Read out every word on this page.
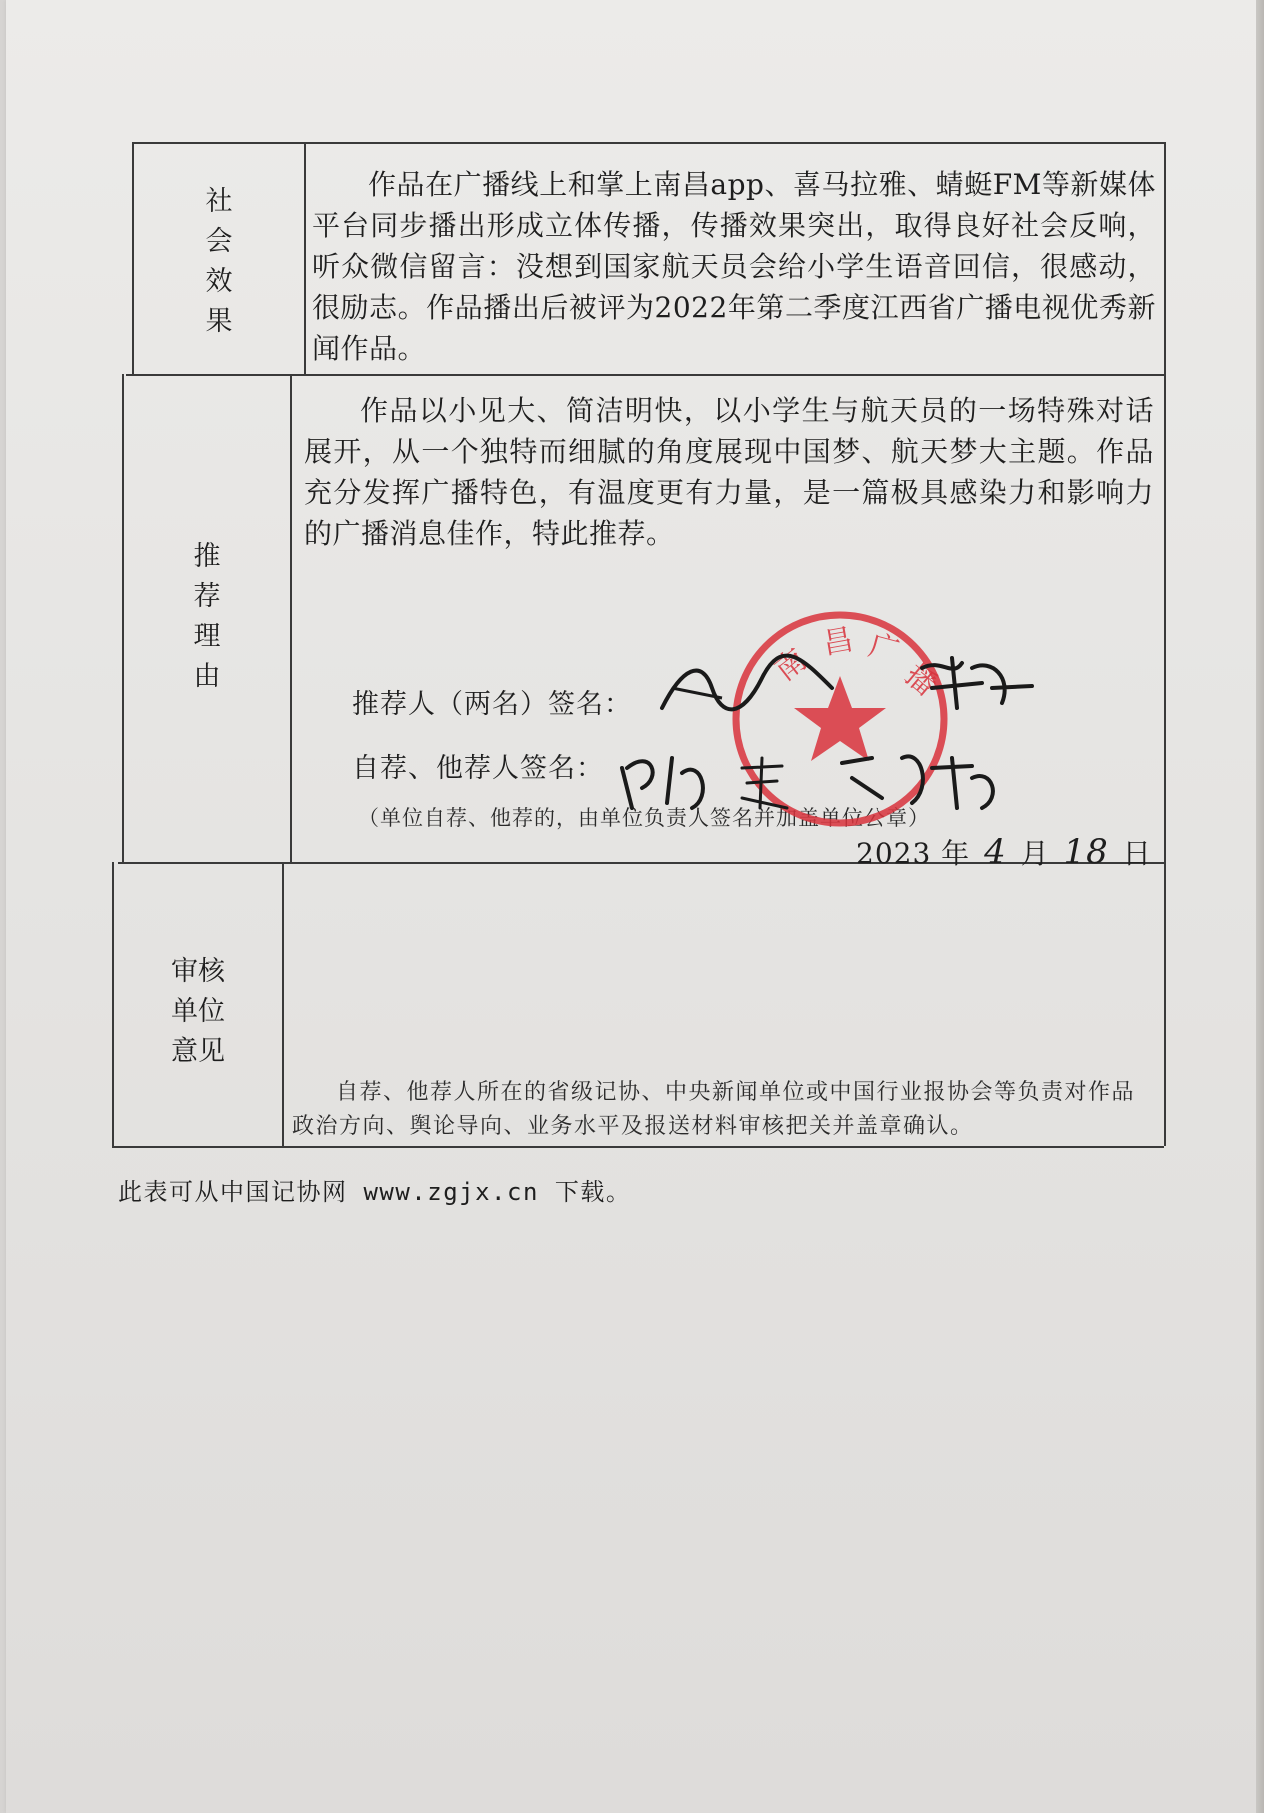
社
会
效
果

作品在广播线上和掌上南昌app、喜马拉雅、蜻蜓FM等新媒体平台同步播出形成立体传播，传播效果突出，取得良好社会反响，听众微信留言：没想到国家航天员会给小学生语音回信，很感动，很励志。作品播出后被评为2022年第二季度江西省广播电视优秀新闻作品。

推
荐
理
由

作品以小见大、简洁明快，以小学生与航天员的一场特殊对话展开，从一个独特而细腻的角度展现中国梦、航天梦大主题。作品充分发挥广播特色，有温度更有力量，是一篇极具感染力和影响力的广播消息佳作，特此推荐。

推荐人（两名）签名：
自荐、他荐人签名：
（单位自荐、他荐的，由单位负责人签名并加盖单位公章）
2023 年 4 月 18 日
审核
单位
意见
自荐、他荐人所在的省级记协、中央新闻单位或中国行业报协会等负责对作品政治方向、舆论导向、业务水平及报送材料审核把关并盖章确认。
南
昌 广
播
此表可从中国记协网 www.zgjx.cn 下载。
